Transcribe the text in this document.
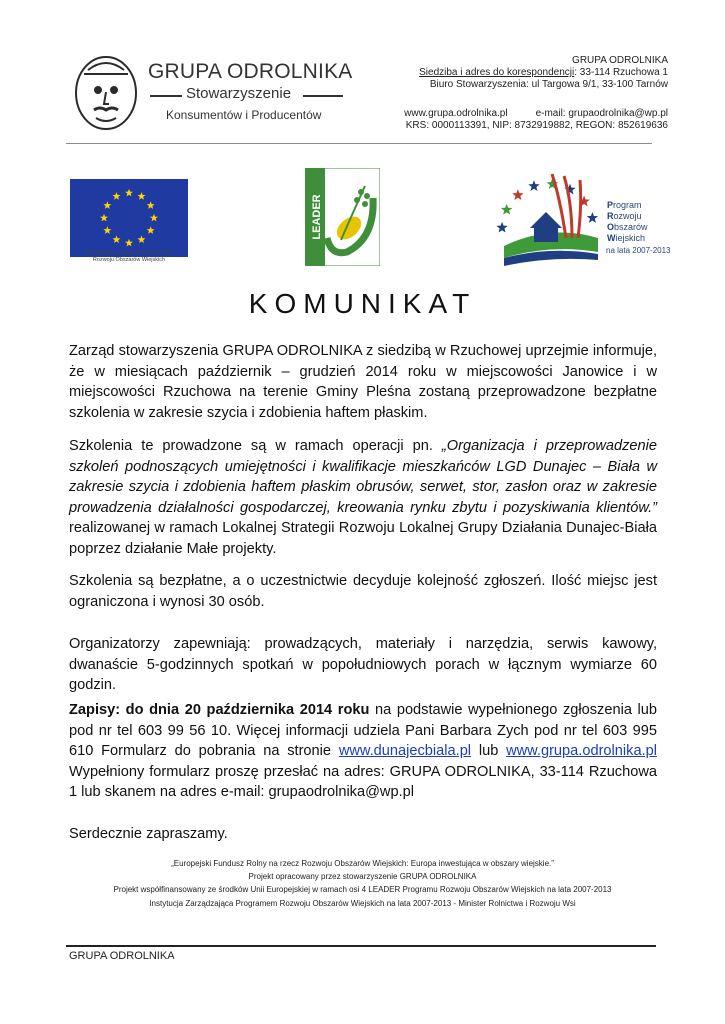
GRUPA ODROLNIKA
Stowarzyszenie
Konsumentów i Producentów
GRUPA ODROLNIKA
Siedziba i adres do korespondencji: 33-114 Rzuchowa 1
Biuro Stowarzyszenia: ul Targowa 9/1, 33-100 Tarnów
www.grupa.odrolnika.pl	e-mail: grupaodrolnika@wp.pl
KRS: 0000113391, NIP: 8732919882, REGON: 852619636
Europejski Fundusz Rolny na rzecz
Rozwoju Obszarów Wiejskich
LEADER	Program
Rozwoju
Obszarów
Wiejskich
na lata 2007-2013
KOMUNIKAT
Zarząd stowarzyszenia GRUPA ODROLNIKA z siedzibą w Rzuchowej uprzejmie informuje, że w miesiącach październik – grudzień 2014 roku w miejscowości Janowice i w miejscowości Rzuchowa na terenie Gminy Pleśna zostaną przeprowadzone bezpłatne szkolenia w zakresie szycia i zdobienia haftem płaskim.
Szkolenia te prowadzone są w ramach operacji pn. „Organizacja i przeprowadzenie szkoleń podnoszących umiejętności i kwalifikacje mieszkańców LGD Dunajec – Biała w zakresie szycia i zdobienia haftem płaskim obrusów, serwet, stor, zasłon oraz w zakresie prowadzenia działalności gospodarczej, kreowania rynku zbytu i pozyskiwania klientów.” realizowanej w ramach Lokalnej Strategii Rozwoju Lokalnej Grupy Działania Dunajec-Biała poprzez działanie Małe projekty.
Szkolenia są bezpłatne, a o uczestnictwie decyduje kolejność zgłoszeń. Ilość miejsc jest ograniczona i wynosi 30 osób.
Organizatorzy zapewniają: prowadzących, materiały i narzędzia, serwis kawowy, dwanaście 5-godzinnych spotkań w popołudniowych porach w łącznym wymiarze 60 godzin.
Zapisy: do dnia 20 października 2014 roku na podstawie wypełnionego zgłoszenia lub pod nr tel 603 99 56 10. Więcej informacji udziela Pani Barbara Zych pod nr tel 603 995 610 Formularz do pobrania na stronie www.dunajecbiala.pl lub www.grupa.odrolnika.pl Wypełniony formularz proszę przesłać na adres: GRUPA ODROLNIKA, 33-114 Rzuchowa 1 lub skanem na adres e-mail: grupaodrolnika@wp.pl
Serdecznie zapraszamy.
„Europejski Fundusz Rolny na rzecz Rozwoju Obszarów Wiejskich: Europa inwestująca w obszary wiejskie.”
Projekt opracowany przez stowarzyszenie GRUPA ODROLNIKA
Projekt współfinansowany ze środków Unii Europejskiej w ramach osi 4 LEADER Programu Rozwoju Obszarów Wiejskich na lata 2007-2013
Instytucja Zarządzająca Programem Rozwoju Obszarów Wiejskich na lata 2007-2013 - Minister Rolnictwa i Rozwoju Wsi
GRUPA ODROLNIKA
